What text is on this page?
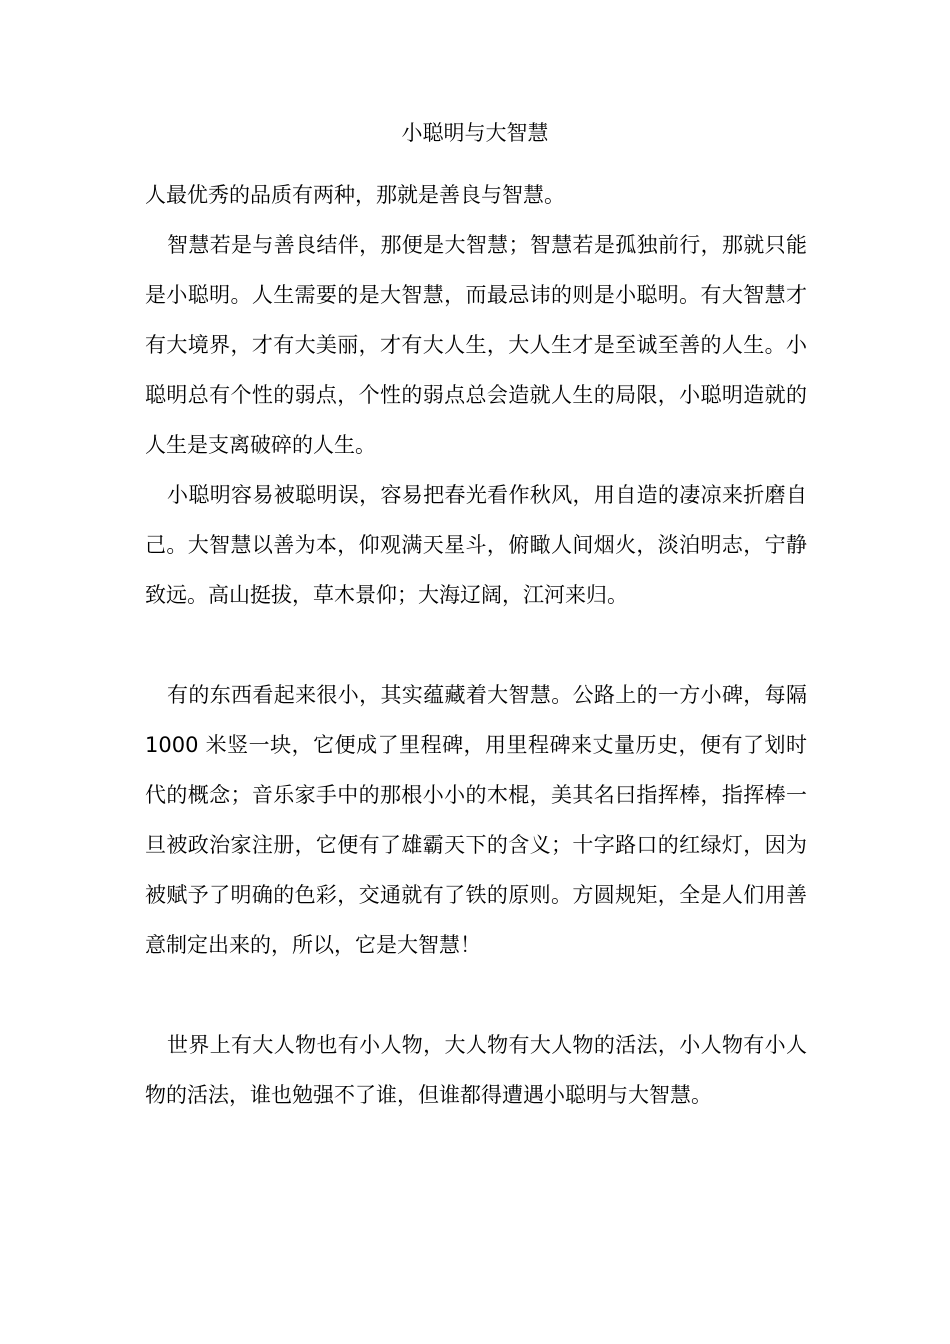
小聪明与大智慧

人最优秀的品质有两种，那就是善良与智慧。

智慧若是与善良结伴，那便是大智慧；智慧若是孤独前行，那就只能是小聪明。人生需要的是大智慧，而最忌讳的则是小聪明。有大智慧才有大境界，才有大美丽，才有大人生，大人生才是至诚至善的人生。小聪明总有个性的弱点，个性的弱点总会造就人生的局限，小聪明造就的人生是支离破碎的人生。

小聪明容易被聪明误，容易把春光看作秋风，用自造的凄凉来折磨自己。大智慧以善为本，仰观满天星斗，俯瞰人间烟火，淡泊明志，宁静致远。高山挺拔，草木景仰；大海辽阔，江河来归。

有的东西看起来很小，其实蕴藏着大智慧。公路上的一方小碑，每隔 1000 米竖一块，它便成了里程碑，用里程碑来丈量历史，便有了划时代的概念；音乐家手中的那根小小的木棍，美其名曰指挥棒，指挥棒一旦被政治家注册，它便有了雄霸天下的含义；十字路口的红绿灯，因为被赋予了明确的色彩，交通就有了铁的原则。方圆规矩，全是人们用善意制定出来的，所以，它是大智慧！

世界上有大人物也有小人物，大人物有大人物的活法，小人物有小人物的活法，谁也勉强不了谁，但谁都得遭遇小聪明与大智慧。
